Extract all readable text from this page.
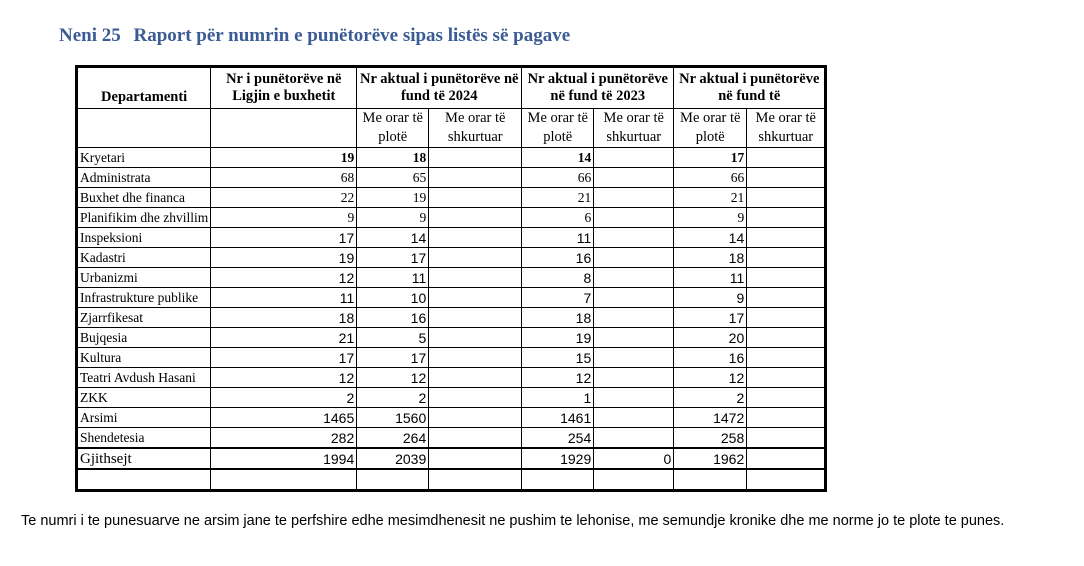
Neni 25 Raport për numrin e punëtorëve sipas listës së pagave
Departamenti	Nr i punëtorëve në Ligjin e buxhetit	Nr aktual i punëtorëve në fund të 2024		Nr aktual i punëtorëve në fund të 2023		Nr aktual i punëtorëve në fund të	
		Me orar të plotë	Me orar të shkurtuar	Me orar të plotë	Me orar të shkurtuar	Me orar të plotë	Me orar të shkurtuar
Kryetari	19	18		14		17	
Administrata	68	65		66		66	
Buxhet dhe financa	22	19		21		21	
Planifikim dhe zhvillim	9	9		6		9	
Inspeksioni	17	14		11		14	
Kadastri	19	17		16		18	
Urbanizmi	12	11		8		11	
Infrastrukture publike	11	10		7		9	
Zjarrfikesat	18	16		18		17	
Bujqesia	21	5		19		20	
Kultura	17	17		15		16	
Teatri Avdush Hasani	12	12		12		12	
ZKK	2	2		1		2	
Arsimi	1465	1560		1461		1472	
Shendetesia	282	264		254		258	
Gjithsejt	1994	2039		1929	0	1962	

Te numri i te punesuarve ne arsim jane te perfshire edhe mesimdhenesit ne pushim te lehonise, me semundje kronike dhe me norme jo te plote te punes.
